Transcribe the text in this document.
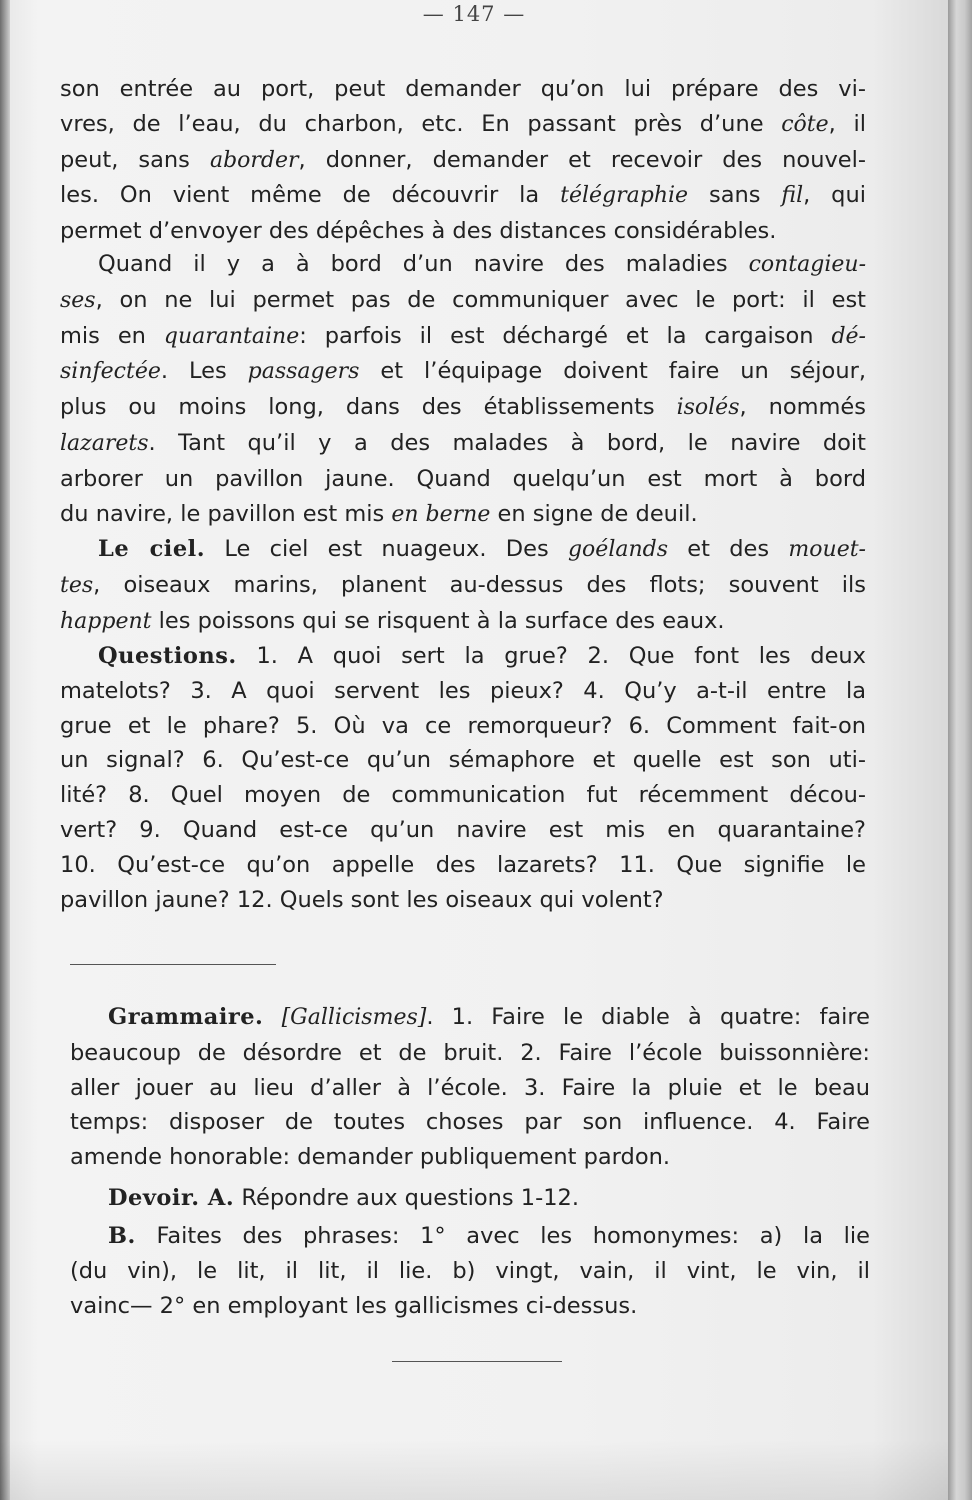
— 147 —
son entrée au port, peut demander qu’on lui prépare des vi-
vres, de l’eau, du charbon, etc. En passant près d’une côte, il
peut, sans aborder, donner, demander et recevoir des nouvel-
les. On vient même de découvrir la télégraphie sans fil, qui
permet d’envoyer des dépêches à des distances considérables.
Quand il y a à bord d’un navire des maladies contagieu-
ses, on ne lui permet pas de communiquer avec le port: il est
mis en quarantaine: parfois il est déchargé et la cargaison dé-
sinfectée. Les passagers et l’équipage doivent faire un séjour,
plus ou moins long, dans des établissements isolés, nommés
lazarets. Tant qu’il y a des malades à bord, le navire doit
arborer un pavillon jaune. Quand quelqu’un est mort à bord
du navire, le pavillon est mis en berne en signe de deuil.
Le ciel. Le ciel est nuageux. Des goélands et des mouet-
tes, oiseaux marins, planent au-dessus des flots; souvent ils
happent les poissons qui se risquent à la surface des eaux.
Questions. 1. A quoi sert la grue? 2. Que font les deux
matelots? 3. A quoi servent les pieux? 4. Qu’y a-t-il entre la
grue et le phare? 5. Où va ce remorqueur? 6. Comment fait-on
un signal? 6. Qu’est-ce qu’un sémaphore et quelle est son uti-
lité? 8. Quel moyen de communication fut récemment décou-
vert? 9. Quand est-ce qu’un navire est mis en quarantaine?
10. Qu’est-ce qu’on appelle des lazarets? 11. Que signifie le
pavillon jaune? 12. Quels sont les oiseaux qui volent?
Grammaire. [Gallicismes]. 1. Faire le diable à quatre: faire
beaucoup de désordre et de bruit. 2. Faire l’école buissonnière:
aller jouer au lieu d’aller à l’école. 3. Faire la pluie et le beau
temps: disposer de toutes choses par son influence. 4. Faire
amende honorable: demander publiquement pardon.
Devoir. A. Répondre aux questions 1-12.
B. Faites des phrases: 1° avec les homonymes: a) la lie
(du vin), le lit, il lit, il lie. b) vingt, vain, il vint, le vin, il
vainc— 2° en employant les gallicismes ci-dessus.
